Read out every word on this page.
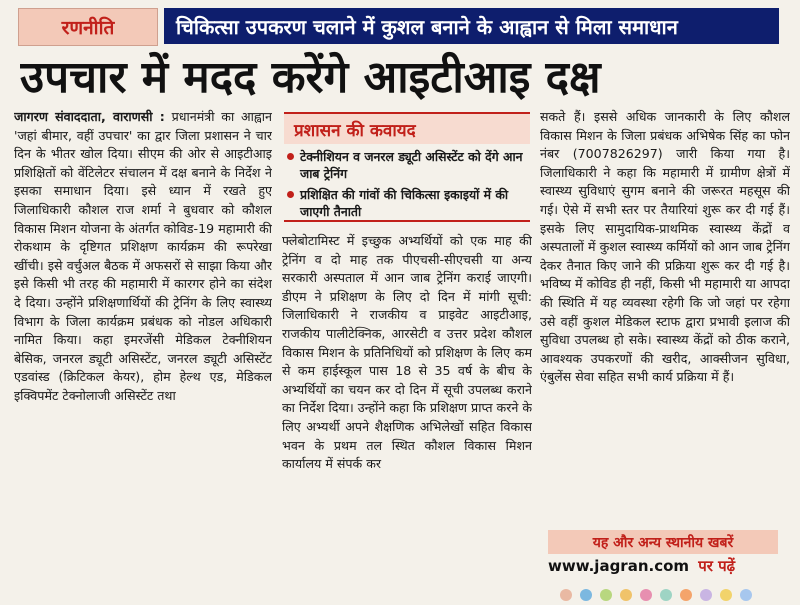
रणनीति	चिकित्सा उपकरण चलाने में कुशल बनाने के आह्वान से मिला समाधान
उपचार में मदद करेंगे आइटीआइ दक्ष
जागरण संवाददाता, वाराणसी : प्रधानमंत्री का आह्वान 'जहां बीमार, वहीं उपचार' का द्वार जिला प्रशासन ने चार दिन के भीतर खोल दिया। सीएम की ओर से आइटीआइ प्रशिक्षितों को वेंटिलेटर संचालन में दक्ष बनाने के निर्देश ने इसका समाधान दिया। इसे ध्यान में रखते हुए जिलाधिकारी कौशल राज शर्मा ने बुधवार को कौशल विकास मिशन योजना के अंतर्गत कोविड-19 महामारी की रोकथाम के दृष्टिगत प्रशिक्षण कार्यक्रम की रूपरेखा खींची। इसे वर्चुअल बैठक में अफसरों से साझा किया और इसे किसी भी तरह की महामारी में कारगर होने का संदेश दे दिया। उन्होंने प्रशिक्षणार्थियों की ट्रेनिंग के लिए स्वास्थ्य विभाग के जिला कार्यक्रम प्रबंधक को नोडल अधिकारी नामित किया। कहा इमरजेंसी मेडिकल टेक्नीशियन बेसिक, जनरल ड्यूटी असिस्टेंट, जनरल ड्यूटी असिस्टेंट एडवांस्ड (क्रिटिकल केयर), होम हेल्थ एड, मेडिकल इक्विपमेंट टेक्नोलाजी असिस्टेंट तथा
प्रशासन की कवायद
टेक्नीशियन व जनरल ड्यूटी असिस्टेंट को देंगे आन जाब ट्रेनिंग
प्रशिक्षित की गांवों की चिकित्सा इकाइयों में की जाएगी तैनाती
फ्लेबोटामिस्ट में इच्छुक अभ्यर्थियों को एक माह की ट्रेनिंग व दो माह तक पीएचसी-सीएचसी या अन्य सरकारी अस्पताल में आन जाब ट्रेनिंग कराई जाएगी। डीएम ने प्रशिक्षण के लिए दो दिन में मांगी सूची: जिलाधिकारी ने राजकीय व प्राइवेट आइटीआइ, राजकीय पालीटेक्निक, आरसेटी व उत्तर प्रदेश कौशल विकास मिशन के प्रतिनिधियों को प्रशिक्षण के लिए कम से कम हाईस्कूल पास 18 से 35 वर्ष के बीच के अभ्यर्थियों का चयन कर दो दिन में सूची उपलब्ध कराने का निर्देश दिया। उन्होंने कहा कि प्रशिक्षण प्राप्त करने के लिए अभ्यर्थी अपने शैक्षणिक अभिलेखों सहित विकास भवन के प्रथम तल स्थित कौशल विकास मिशन कार्यालय में संपर्क कर
सकते हैं। इससे अधिक जानकारी के लिए कौशल विकास मिशन के जिला प्रबंधक अभिषेक सिंह का फोन नंबर (7007826297) जारी किया गया है। जिलाधिकारी ने कहा कि महामारी में ग्रामीण क्षेत्रों में स्वास्थ्य सुविधाएं सुगम बनाने की जरूरत महसूस की गई। ऐसे में सभी स्तर पर तैयारियां शुरू कर दी गई हैं। इसके लिए सामुदायिक-प्राथमिक स्वास्थ्य केंद्रों व अस्पतालों में कुशल स्वास्थ्य कर्मियों को आन जाब ट्रेनिंग देकर तैनात किए जाने की प्रक्रिया शुरू कर दी गई है। भविष्य में कोविड ही नहीं, किसी भी महामारी या आपदा की स्थिति में यह व्यवस्था रहेगी कि जो जहां पर रहेगा उसे वहीं कुशल मेडिकल स्टाफ द्वारा प्रभावी इलाज की सुविधा उपलब्ध हो सके। स्वास्थ्य केंद्रों को ठीक कराने, आवश्यक उपकरणों की खरीद, आक्सीजन सुविधा, एंबुलेंस सेवा सहित सभी कार्य प्रक्रिया में हैं।
यह और अन्य स्थानीय खबरें
www.jagran.com पर पढ़ें
